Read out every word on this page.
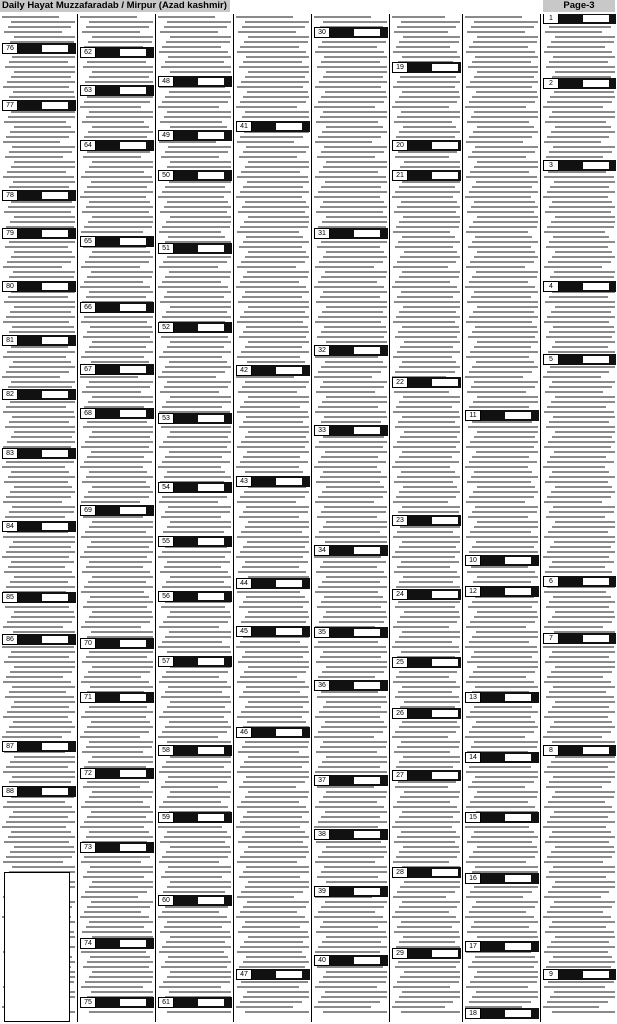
Daily Hayat Muzzafaradab / Mirpur (Azad kashmir)	Page-3
76
77
78
79
80
81
82
83
84
85
86
87
88
62
63
64
65
66
67
68
69
70
71
72
73
74
75
48
49
50
51
52
53
54
55
56
57
58
59
60
61
41
42
43
44
45
46
47
30
31
32
33
34
35
36
37
38
39
40
19
20
21
22
23
24
25
26
27
28
29
10
11
12
13
14
15
16
17
18
1
2
3
4
5
6
7
8
9
